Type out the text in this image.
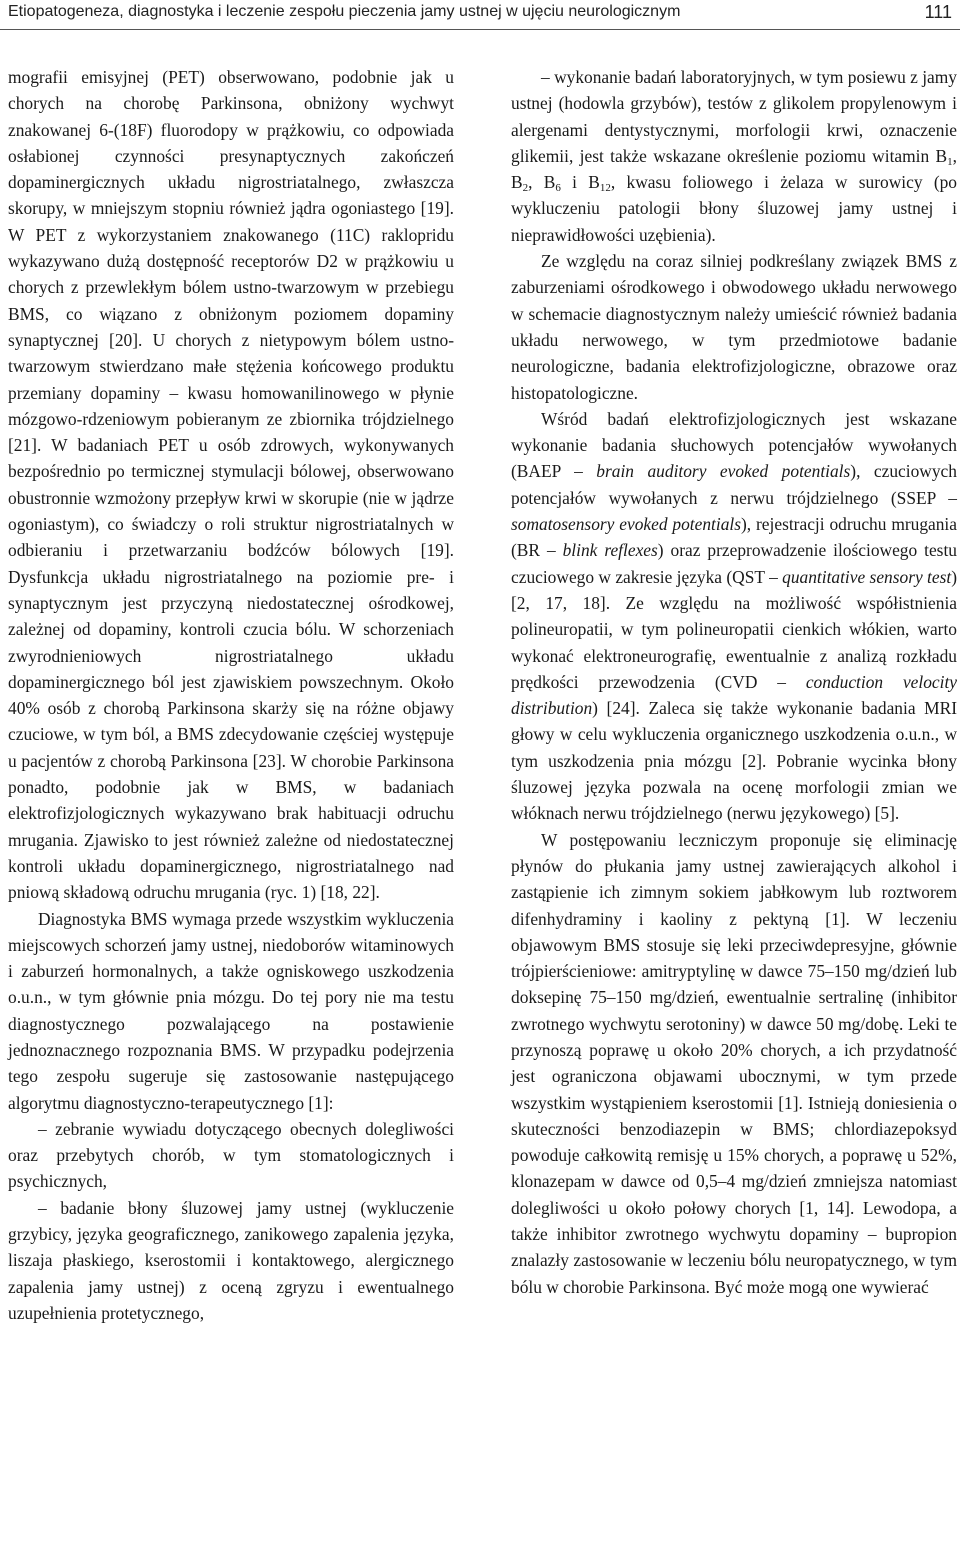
Etiopatogeneza, diagnostyka i leczenie zespołu pieczenia jamy ustnej w ujęciu neurologicznym	111

mografii emisyjnej (PET) obserwowano, podobnie jak u chorych na chorobę Parkinsona, obniżony wychwyt znakowanej 6-(18F) fluorodopy w prążkowiu, co odpowiada osłabionej czynności presynaptycznych zakończeń dopaminergicznych układu nigrostriatalnego, zwłaszcza skorupy, w mniejszym stopniu również jądra ogoniastego [19]. W PET z wykorzystaniem znakowanego (11C) raklopridu wykazywano dużą dostępność receptorów D2 w prążkowiu u chorych z przewlekłym bólem ustno-twarzowym w przebiegu BMS, co wiązano z obniżonym poziomem dopaminy synaptycznej [20]. U chorych z nietypowym bólem ustno-twarzowym stwierdzano małe stężenia końcowego produktu przemiany dopaminy – kwasu homowanilinowego w płynie mózgowo-rdzeniowym pobieranym ze zbiornika trójdzielnego [21]. W badaniach PET u osób zdrowych, wykonywanych bezpośrednio po termicznej stymulacji bólowej, obserwowano obustronnie wzmożony przepływ krwi w skorupie (nie w jądrze ogoniastym), co świadczy o roli struktur nigrostriatalnych w odbieraniu i przetwarzaniu bodźców bólowych [19]. Dysfunkcja układu nigrostriatalnego na poziomie pre- i synaptycznym jest przyczyną niedostatecznej ośrodkowej, zależnej od dopaminy, kontroli czucia bólu. W schorzeniach zwyrodnieniowych nigrostriatalnego układu dopaminergicznego ból jest zjawiskiem powszechnym. Około 40% osób z chorobą Parkinsona skarży się na różne objawy czuciowe, w tym ból, a BMS zdecydowanie częściej występuje u pacjentów z chorobą Parkinsona [23]. W chorobie Parkinsona ponadto, podobnie jak w BMS, w badaniach elektrofizjologicznych wykazywano brak habituacji odruchu mrugania. Zjawisko to jest również zależne od niedostatecznej kontroli układu dopaminergicznego, nigrostriatalnego nad pniową składową odruchu mrugania (ryc. 1) [18, 22].

Diagnostyka BMS wymaga przede wszystkim wykluczenia miejscowych schorzeń jamy ustnej, niedoborów witaminowych i zaburzeń hormonalnych, a także ogniskowego uszkodzenia o.u.n., w tym głównie pnia mózgu. Do tej pory nie ma testu diagnostycznego pozwalającego na postawienie jednoznacznego rozpoznania BMS. W przypadku podejrzenia tego zespołu sugeruje się zastosowanie następującego algorytmu diagnostyczno-terapeutycznego [1]:

– zebranie wywiadu dotyczącego obecnych dolegliwości oraz przebytych chorób, w tym stomatologicznych i psychicznych,

– badanie błony śluzowej jamy ustnej (wykluczenie grzybicy, języka geograficznego, zanikowego zapalenia języka, liszaja płaskiego, kserostomii i kontaktowego, alergicznego zapalenia jamy ustnej) z oceną zgryzu i ewentualnego uzupełnienia protetycznego,

– wykonanie badań laboratoryjnych, w tym posiewu z jamy ustnej (hodowla grzybów), testów z glikolem propylenowym i alergenami dentystycznymi, morfologii krwi, oznaczenie glikemii, jest także wskazane określenie poziomu witamin $B_1$, $B_2$, $B_6$ i $B_{12}$, kwasu foliowego i żelaza w surowicy (po wykluczeniu patologii błony śluzowej jamy ustnej i nieprawidłowości uzębienia).

Ze względu na coraz silniej podkreślany związek BMS z zaburzeniami ośrodkowego i obwodowego układu nerwowego w schemacie diagnostycznym należy umieścić również badania układu nerwowego, w tym przedmiotowe badanie neurologiczne, badania elektrofizjologiczne, obrazowe oraz histopatologiczne.

Wśród badań elektrofizjologicznych jest wskazane wykonanie badania słuchowych potencjałów wywołanych (BAEP – brain auditory evoked potentials), czuciowych potencjałów wywołanych z nerwu trójdzielnego (SSEP – somatosensory evoked potentials), rejestracji odruchu mrugania (BR – blink reflexes) oraz przeprowadzenie ilościowego testu czuciowego w zakresie języka (QST – quantitative sensory test) [2, 17, 18]. Ze względu na możliwość współistnienia polineuropatii, w tym polineuropatii cienkich włókien, warto wykonać elektroneurografię, ewentualnie z analizą rozkładu prędkości przewodzenia (CVD – conduction velocity distribution) [24]. Zaleca się także wykonanie badania MRI głowy w celu wykluczenia organicznego uszkodzenia o.u.n., w tym uszkodzenia pnia mózgu [2]. Pobranie wycinka błony śluzowej języka pozwala na ocenę morfologii zmian we włóknach nerwu trójdzielnego (nerwu językowego) [5].

W postępowaniu leczniczym proponuje się eliminację płynów do płukania jamy ustnej zawierających alkohol i zastąpienie ich zimnym sokiem jabłkowym lub roztworem difenhydraminy i kaoliny z pektyną [1]. W leczeniu objawowym BMS stosuje się leki przeciwdepresyjne, głównie trójpierścieniowe: amitryptylinę w dawce 75–150 mg/dzień lub doksepinę 75–150 mg/dzień, ewentualnie sertralinę (inhibitor zwrotnego wychwytu serotoniny) w dawce 50 mg/dobę. Leki te przynoszą poprawę u około 20% chorych, a ich przydatność jest ograniczona objawami ubocznymi, w tym przede wszystkim wystąpieniem kserostomii [1]. Istnieją doniesienia o skuteczności benzodiazepin w BMS; chlordiazepoksyd powoduje całkowitą remisję u 15% chorych, a poprawę u 52%, klonazepam w dawce od 0,5–4 mg/dzień zmniejsza natomiast dolegliwości u około połowy chorych [1, 14]. Lewodopa, a także inhibitor zwrotnego wychwytu dopaminy – bupropion znalazły zastosowanie w leczeniu bólu neuropatycznego, w tym bólu w chorobie Parkinsona. Być może mogą one wywierać
